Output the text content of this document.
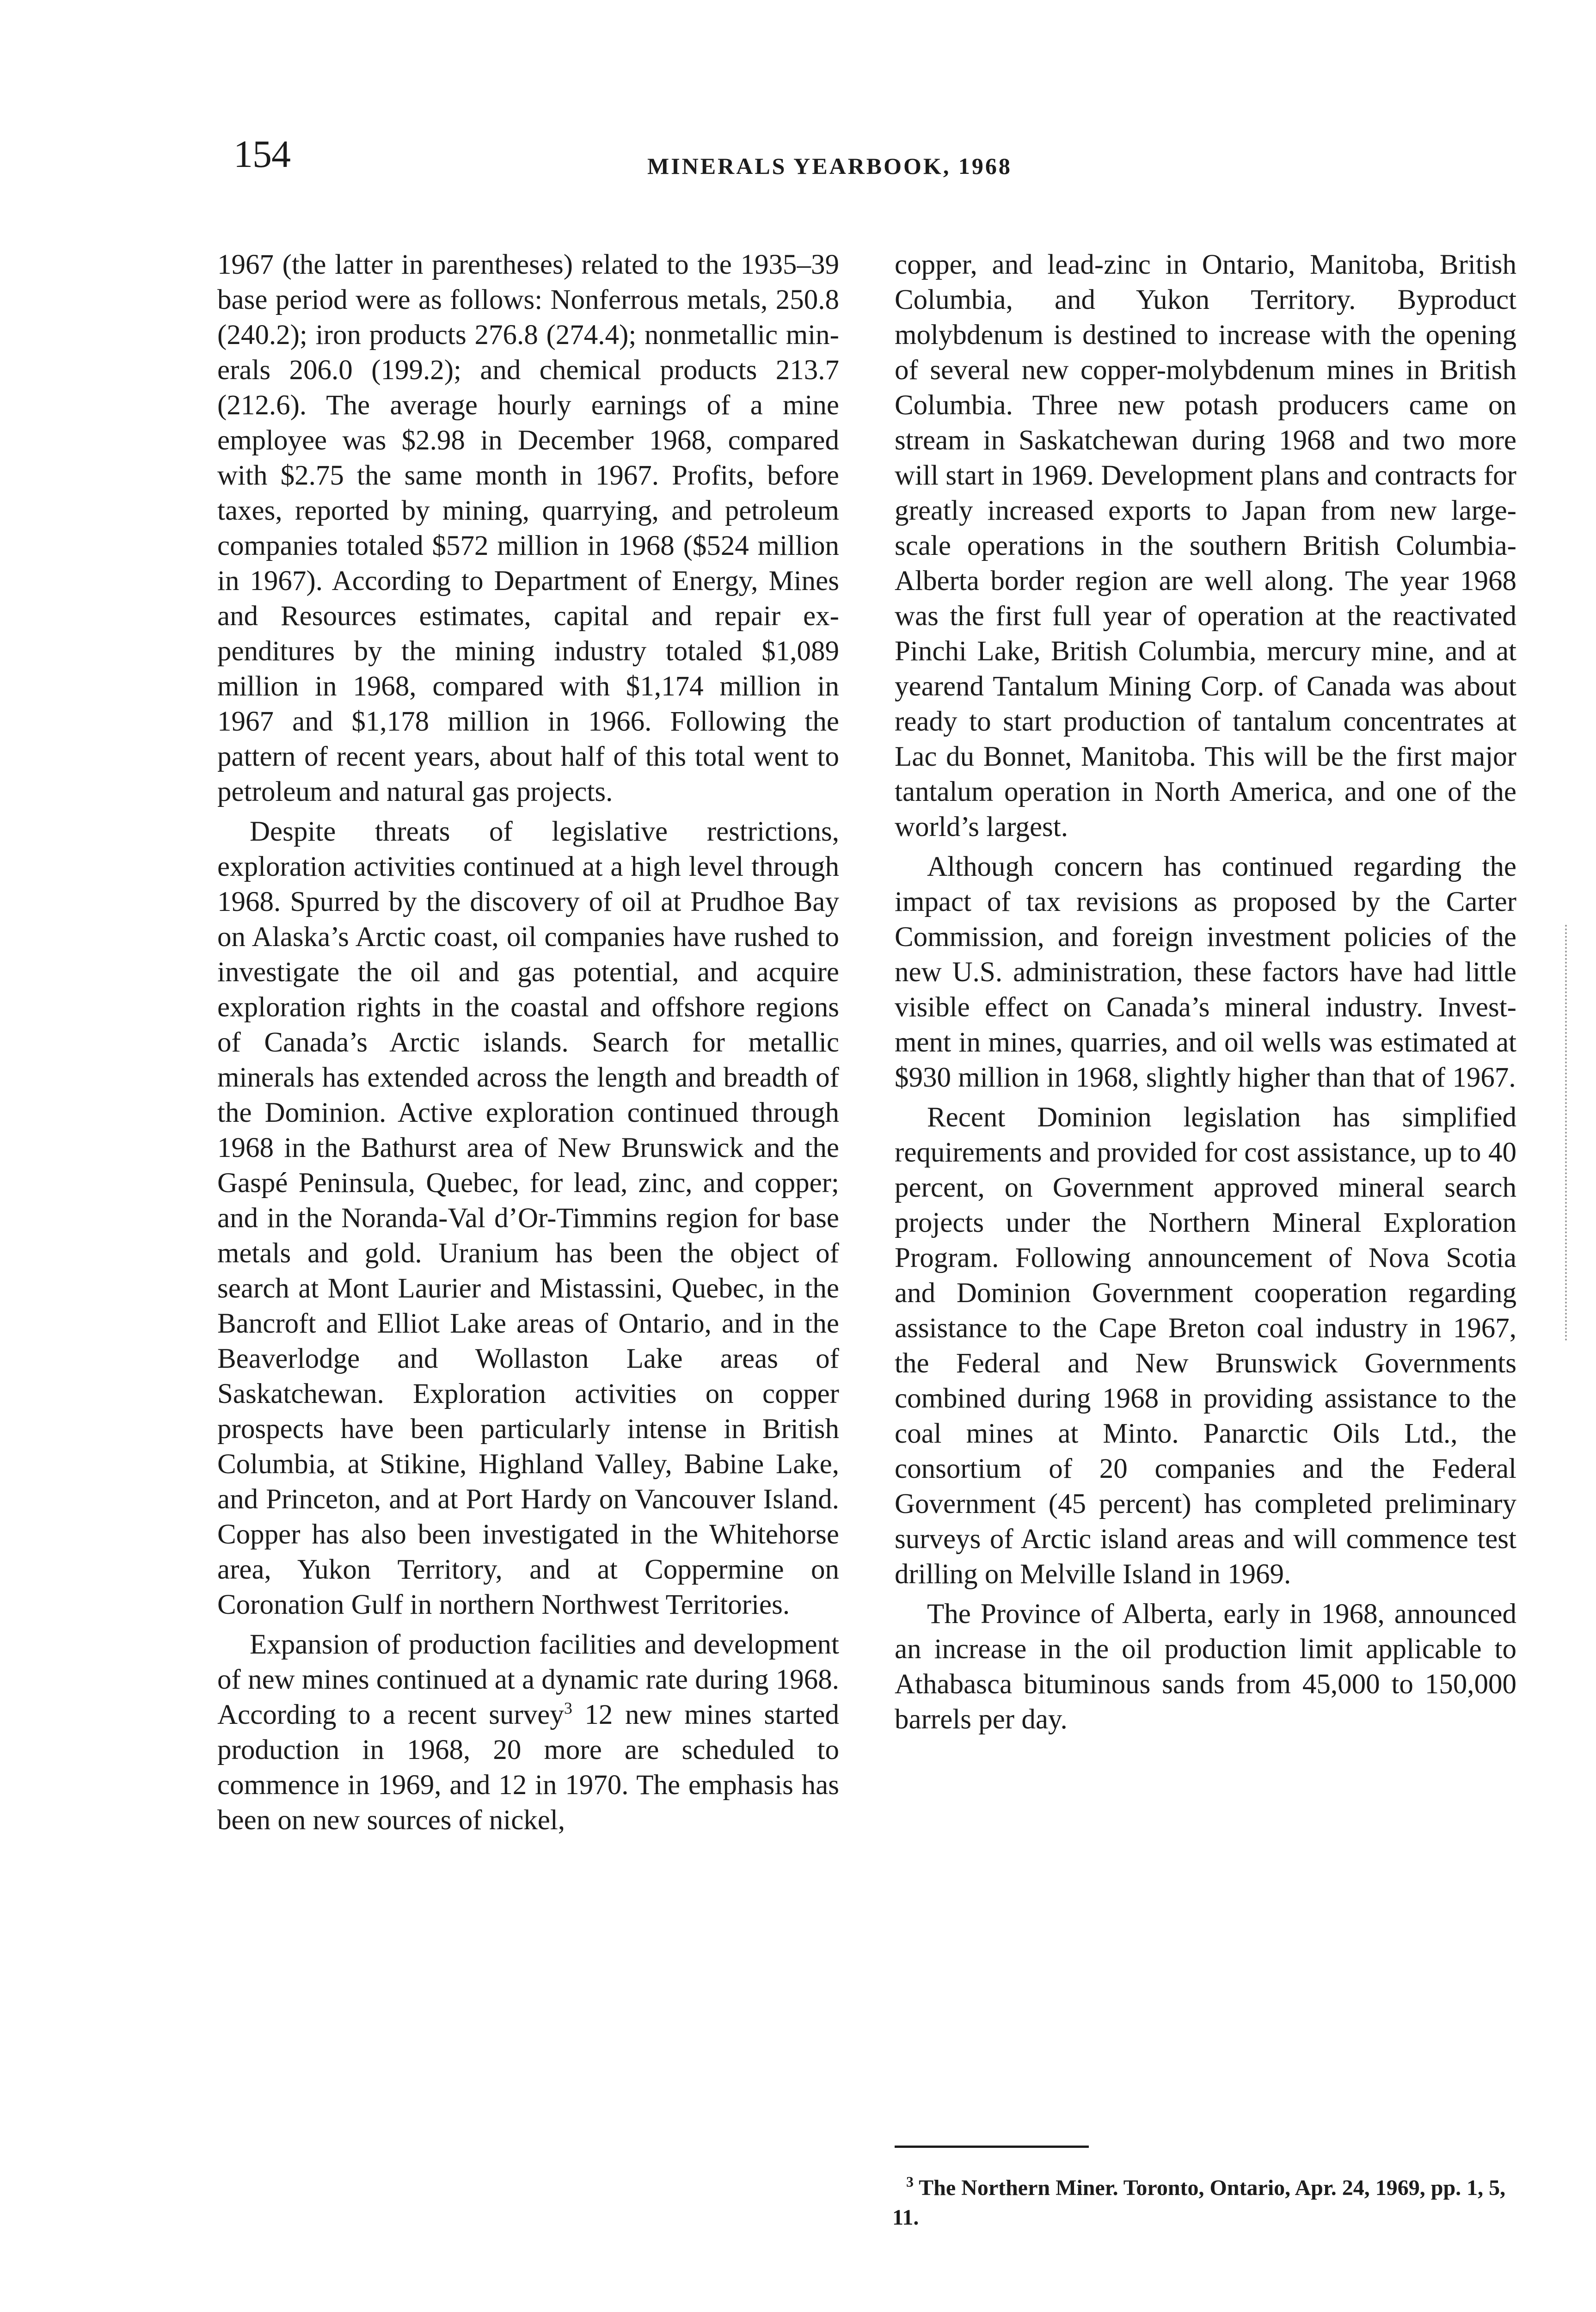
154	MINERALS YEARBOOK, 1968

1967 (the latter in parentheses) related to the 1935–39 base period were as follows: Nonferrous metals, 250.8 (240.2); iron products 276.8 (274.4); nonmetallic minerals 206.0 (199.2); and chemical products 213.7 (212.6). The average hourly earnings of a mine employee was $2.98 in December 1968, compared with $2.75 the same month in 1967. Profits, before taxes, reported by mining, quarrying, and petroleum companies totaled $572 million in 1968 ($524 million in 1967). According to Department of Energy, Mines and Resources estimates, capital and repair expenditures by the mining industry totaled $1,089 million in 1968, compared with $1,174 million in 1967 and $1,178 million in 1966. Following the pattern of recent years, about half of this total went to petroleum and natural gas projects.

Despite threats of legislative restrictions, exploration activities continued at a high level through 1968. Spurred by the discovery of oil at Prudhoe Bay on Alaska’s Arctic coast, oil companies have rushed to investigate the oil and gas potential, and acquire exploration rights in the coastal and offshore regions of Canada’s Arctic islands. Search for metallic minerals has extended across the length and breadth of the Dominion. Active exploration continued through 1968 in the Bathurst area of New Brunswick and the Gaspé Peninsula, Quebec, for lead, zinc, and copper; and in the Noranda-Val d’Or-Timmins region for base metals and gold. Uranium has been the object of search at Mont Laurier and Mistassini, Quebec, in the Bancroft and Elliot Lake areas of Ontario, and in the Beaverlodge and Wollaston Lake areas of Saskatchewan. Exploration activities on copper prospects have been particularly intense in British Columbia, at Stikine, Highland Valley, Babine Lake, and Princeton, and at Port Hardy on Vancouver Island. Copper has also been investigated in the Whitehorse area, Yukon Territory, and at Coppermine on Coronation Gulf in northern Northwest Territories.

Expansion of production facilities and development of new mines continued at a dynamic rate during 1968. According to a recent survey$^3$ 12 new mines started production in 1968, 20 more are scheduled to commence in 1969, and 12 in 1970. The emphasis has been on new sources of nickel,

copper, and lead-zinc in Ontario, Manitoba, British Columbia, and Yukon Territory. Byproduct molybdenum is destined to increase with the opening of several new copper-molybdenum mines in British Columbia. Three new potash producers came on stream in Saskatchewan during 1968 and two more will start in 1969. Development plans and contracts for greatly increased exports to Japan from new large-scale operations in the southern British Columbia-Alberta border region are well along. The year 1968 was the first full year of operation at the reactivated Pinchi Lake, British Columbia, mercury mine, and at yearend Tantalum Mining Corp. of Canada was about ready to start production of tantalum concentrates at Lac du Bonnet, Manitoba. This will be the first major tantalum operation in North America, and one of the world’s largest.

Although concern has continued regarding the impact of tax revisions as proposed by the Carter Commission, and foreign investment policies of the new U.S. administration, these factors have had little visible effect on Canada’s mineral industry. Investment in mines, quarries, and oil wells was estimated at $930 million in 1968, slightly higher than that of 1967.

Recent Dominion legislation has simplified requirements and provided for cost assistance, up to 40 percent, on Government approved mineral search projects under the Northern Mineral Exploration Program. Following announcement of Nova Scotia and Dominion Government cooperation regarding assistance to the Cape Breton coal industry in 1967, the Federal and New Brunswick Governments combined during 1968 in providing assistance to the coal mines at Minto. Panarctic Oils Ltd., the consortium of 20 companies and the Federal Government (45 percent) has completed preliminary surveys of Arctic island areas and will commence test drilling on Melville Island in 1969.

The Province of Alberta, early in 1968, announced an increase in the oil production limit applicable to Athabasca bituminous sands from 45,000 to 150,000 barrels per day.

$^3$ The Northern Miner. Toronto, Ontario, Apr. 24, 1969, pp. 1, 5, 11.
